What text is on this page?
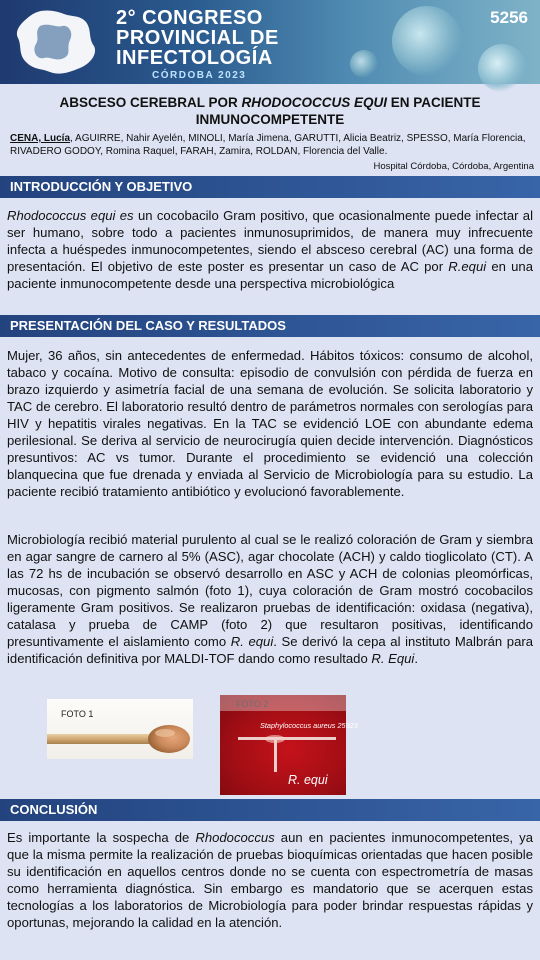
2° CONGRESO
PROVINCIAL DE
INFECTOLOGÍA
CÓRDOBA 2023
5256
ABSCESO CEREBRAL POR RHODOCOCCUS EQUI EN PACIENTE
INMUNOCOMPETENTE
CENA, Lucía, AGUIRRE, Nahir Ayelén, MINOLI, María Jimena, GARUTTI, Alicia Beatriz, SPESSO, María Florencia, RIVADERO GODOY, Romina Raquel, FARAH, Zamira, ROLDAN, Florencia del Valle.
Hospital Córdoba, Córdoba, Argentina
INTRODUCCIÓN Y OBJETIVO
Rhodococcus equi es un cocobacilo Gram positivo, que ocasionalmente puede infectar al ser humano, sobre todo a pacientes inmunosuprimidos, de manera muy infrecuente infecta a huéspedes inmunocompetentes, siendo el absceso cerebral (AC) una forma de presentación. El objetivo de este poster es presentar un caso de AC por R.equi en una paciente inmunocompetente desde una perspectiva microbiológica
PRESENTACIÓN DEL CASO Y RESULTADOS
Mujer, 36 años, sin antecedentes de enfermedad. Hábitos tóxicos: consumo de alcohol, tabaco y cocaína. Motivo de consulta: episodio de convulsión con pérdida de fuerza en brazo izquierdo y asimetría facial de una semana de evolución. Se solicita laboratorio y TAC de cerebro. El laboratorio resultó dentro de parámetros normales con serologías para HIV y hepatitis virales negativas. En la TAC se evidenció LOE con abundante edema perilesional. Se deriva al servicio de neurocirugía quien decide intervención. Diagnósticos presuntivos: AC vs tumor. Durante el procedimiento se evidenció una colección blanquecina que fue drenada y enviada al Servicio de Microbiología para su estudio. La paciente recibió tratamiento antibiótico y evolucionó favorablemente.
Microbiología recibió material purulento al cual se le realizó coloración de Gram y siembra en agar sangre de carnero al 5% (ASC), agar chocolate (ACH) y caldo tioglicolato (CT). A las 72 hs de incubación se observó desarrollo en ASC y ACH de colonias pleomórficas, mucosas, con pigmento salmón (foto 1), cuya coloración de Gram mostró cocobacilos ligeramente Gram positivos. Se realizaron pruebas de identificación: oxidasa (negativa), catalasa y prueba de CAMP (foto 2) que resultaron positivas, identificando presuntivamente el aislamiento como R. equi. Se derivó la cepa al instituto Malbrán para identificación definitiva por MALDI-TOF dando como resultado R. Equi.
FOTO 1
FOTO 2
Staphylococcus aureus 25923
R. equi
CONCLUSIÓN
Es importante la sospecha de Rhodococcus aun en pacientes inmunocompetentes, ya que la misma permite la realización de pruebas bioquímicas orientadas que hacen posible su identificación en aquellos centros donde no se cuenta con espectrometría de masas como herramienta diagnóstica. Sin embargo es mandatorio que se acerquen estas tecnologías a los laboratorios de Microbiología para poder brindar respuestas rápidas y oportunas, mejorando la calidad en la atención.
